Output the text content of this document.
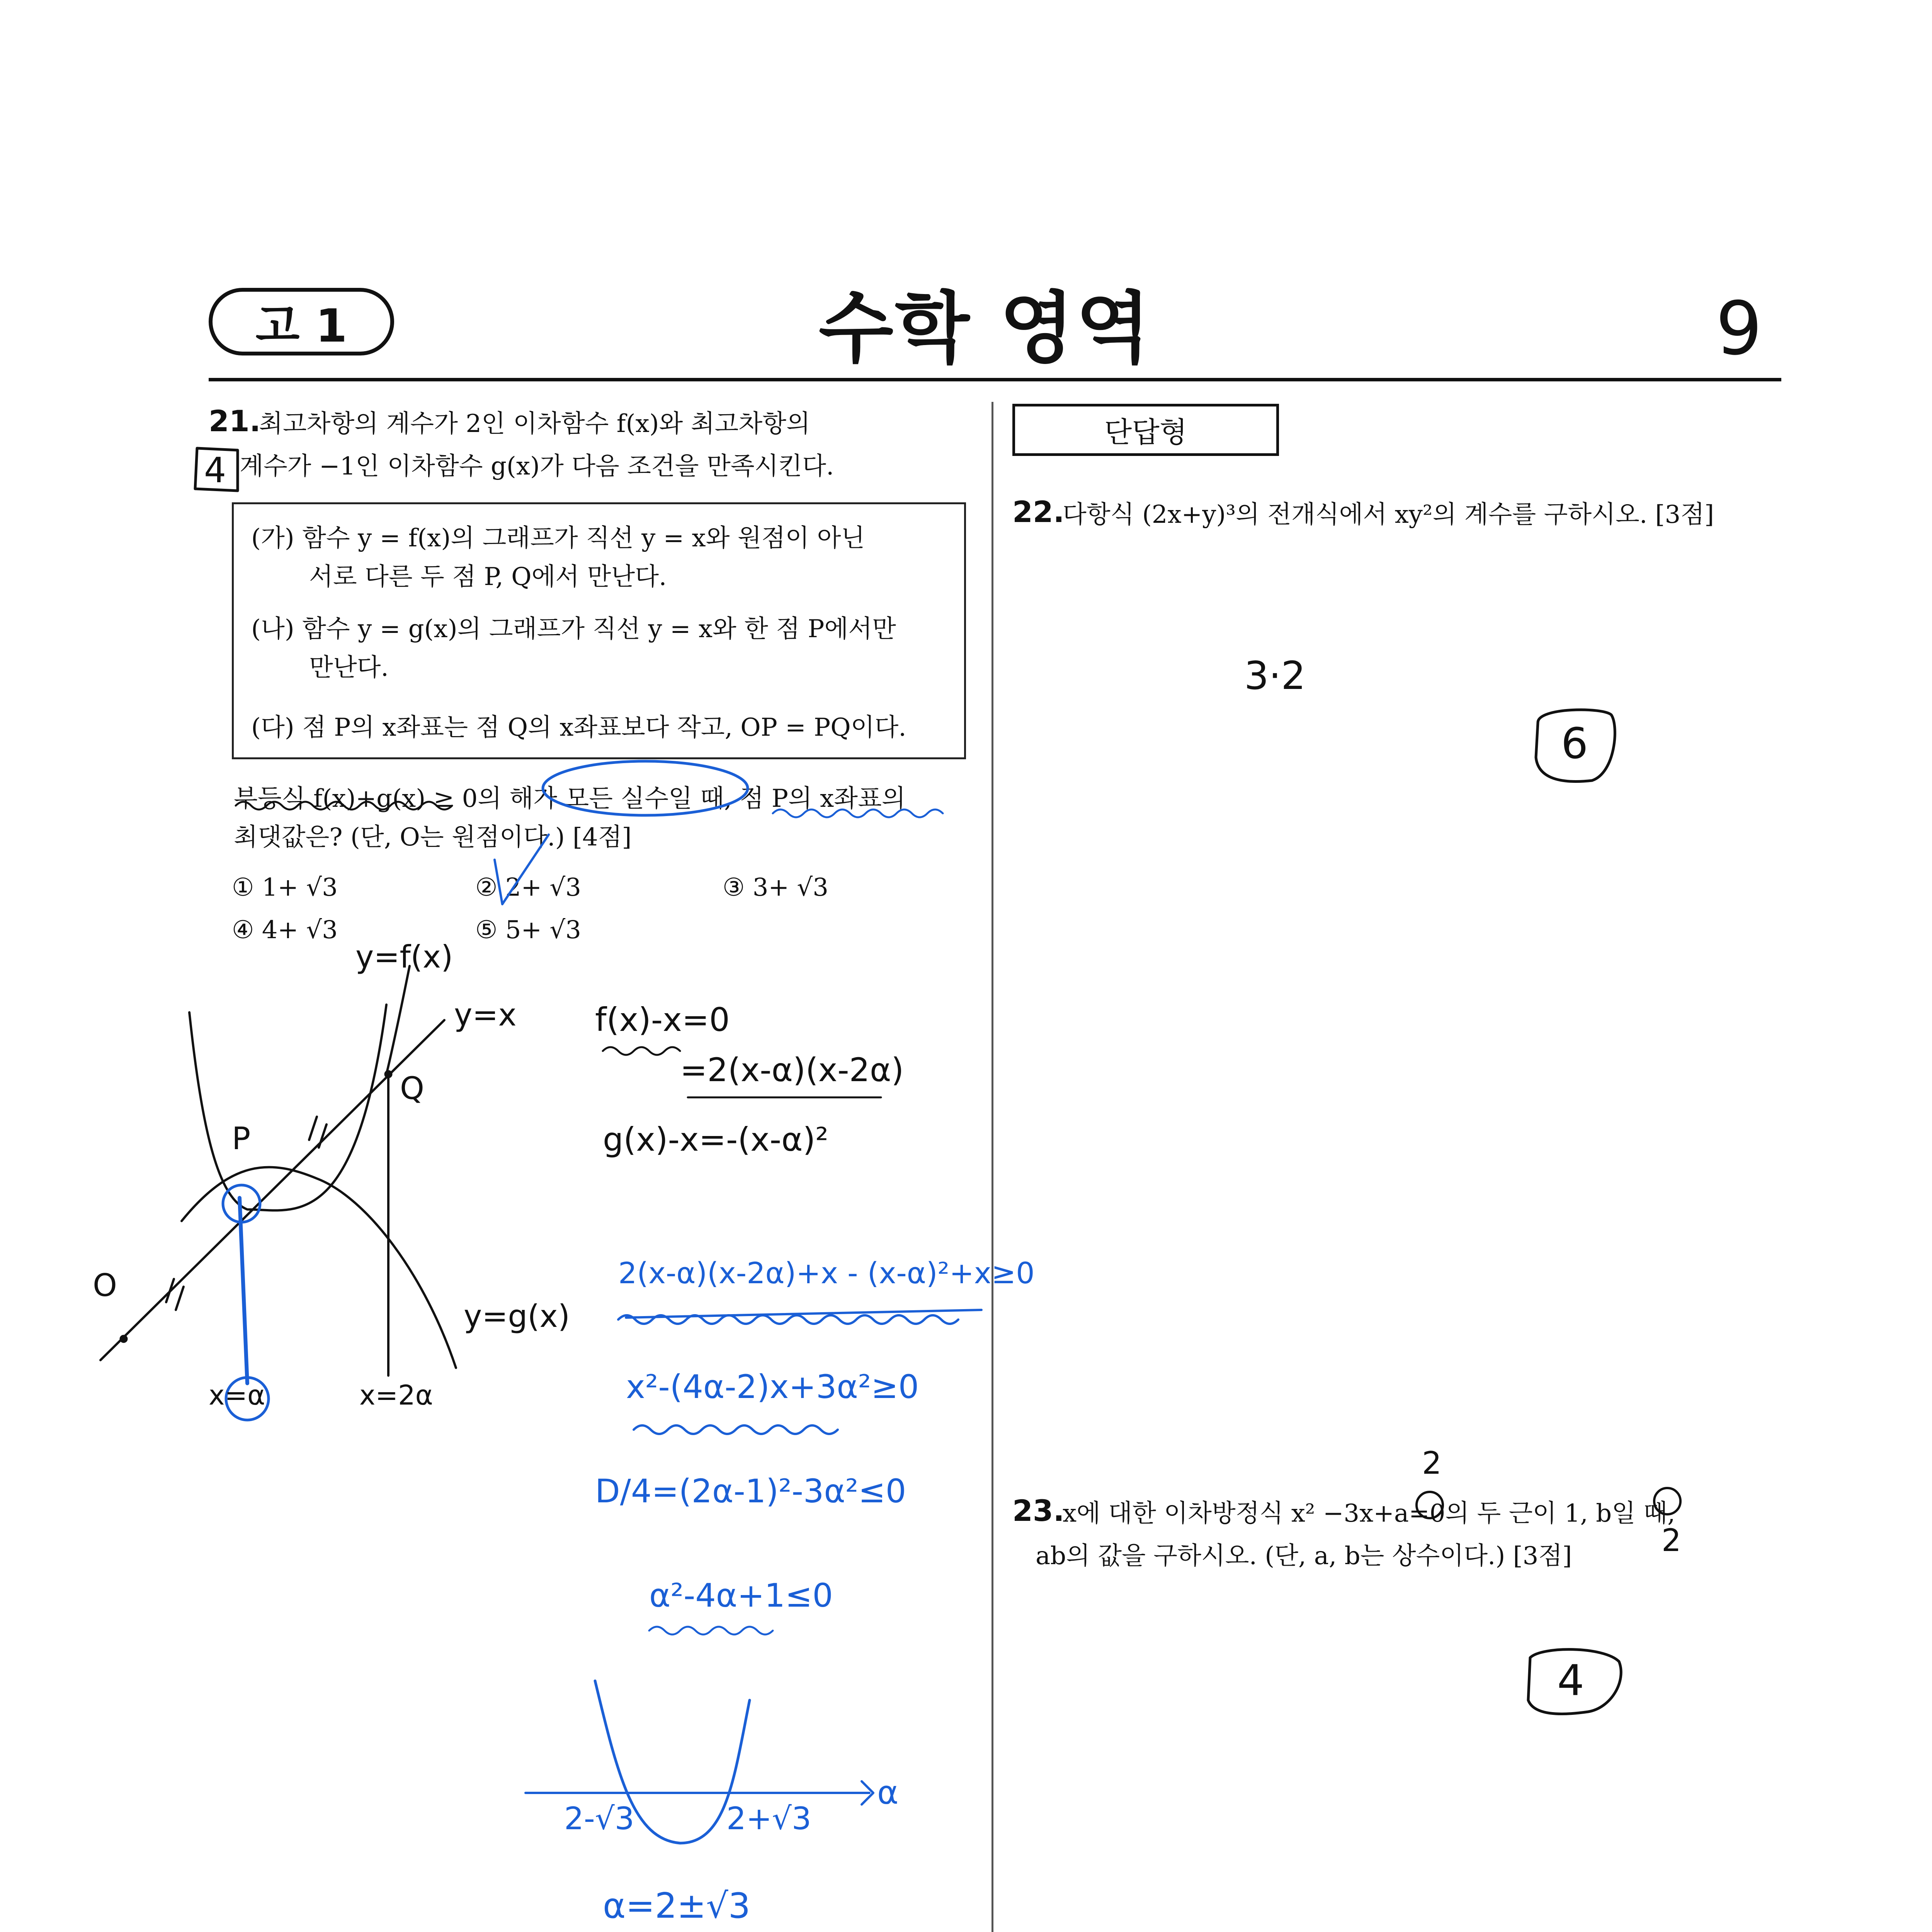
고 1	수학 영역	9
21.
최고차항의 계수가 2인 이차함수 f(x)와 최고차항의
계수가 −1인 이차함수 g(x)가 다음 조건을 만족시킨다.
(가) 함수 y = f(x)의 그래프가 직선 y = x와 원점이 아닌
서로 다른 두 점 P, Q에서 만난다.
(나) 함수 y = g(x)의 그래프가 직선 y = x와 한 점 P에서만
만난다.
(다) 점 P의 x좌표는 점 Q의 x좌표보다 작고, OP = PQ이다.
부등식 f(x)+g(x) ≥ 0의 해가 모든 실수일 때, 점 P의 x좌표의
최댓값은? (단, O는 원점이다.) [4점]
① 1+ √3	② 2+ √3	③ 3+ √3
④ 4+ √3	⑤ 5+ √3
단답형
22.
다항식 (2x+y)³의 전개식에서 xy²의 계수를 구하시오. [3점]
23.
x에 대한 이차방정식 x² −3x+a=0의 두 근이 1, b일 때,
ab의 값을 구하시오. (단, a, b는 상수이다.) [3점]
4
y=f(x)
y=x
Q
P
O
y=g(x)
x=α	x=2α
f(x)-x=0
=2(x-α)(x-2α)
g(x)-x=-(x-α)²
2(x-α)(x-2α)+x - (x-α)²+x≥0
x²-(4α-2)x+3α²≥0
D/4=(2α-1)²-3α²≤0
α²-4α+1≤0
2-√3	2+√3
α
α=2±√3
3·2
6
2
2
4
